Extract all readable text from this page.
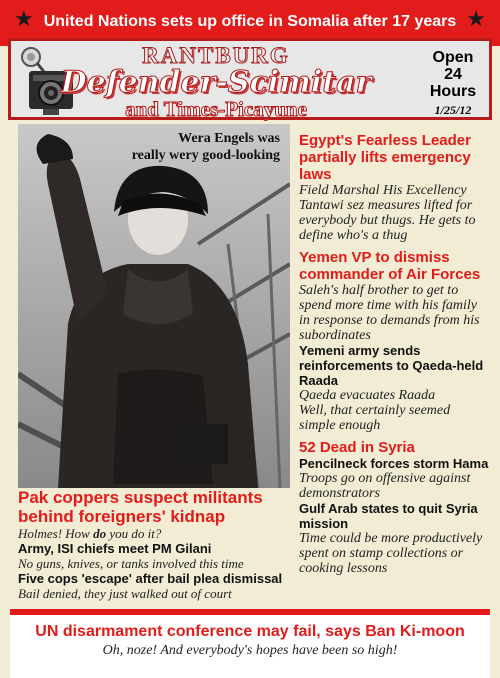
★ United Nations sets up office in Somalia after 17 years ★
RANTBURG
Defender-Scimitar
and Times-Picayune
Open
24
Hours
1/25/12
Wera Engels was
really wery good-looking
Pak coppers suspect militants behind foreigners' kidnap
Holmes! How do you do it?
Army, ISI chiefs meet PM Gilani
No guns, knives, or tanks involved this time
Five cops 'escape' after bail plea dismissal
Bail denied, they just walked out of court
Egypt's Fearless Leader partially lifts emergency laws
Field Marshal His Excellency Tantawi sez measures lifted for everybody but thugs. He gets to define who's a thug
Yemen VP to dismiss commander of Air Forces
Saleh's half brother to get to spend more time with his family in response to demands from his subordinates
Yemeni army sends reinforcements to Qaeda-held Raada
Qaeda evacuates Raada
Well, that certainly seemed simple enough
52 Dead in Syria
Pencilneck forces storm Hama
Troops go on offensive against demonstrators
Gulf Arab states to quit Syria mission
Time could be more productively spent on stamp collections or cooking lessons
UN disarmament conference may fail, says Ban Ki-moon
Oh, noze! And everybody's hopes have been so high!
